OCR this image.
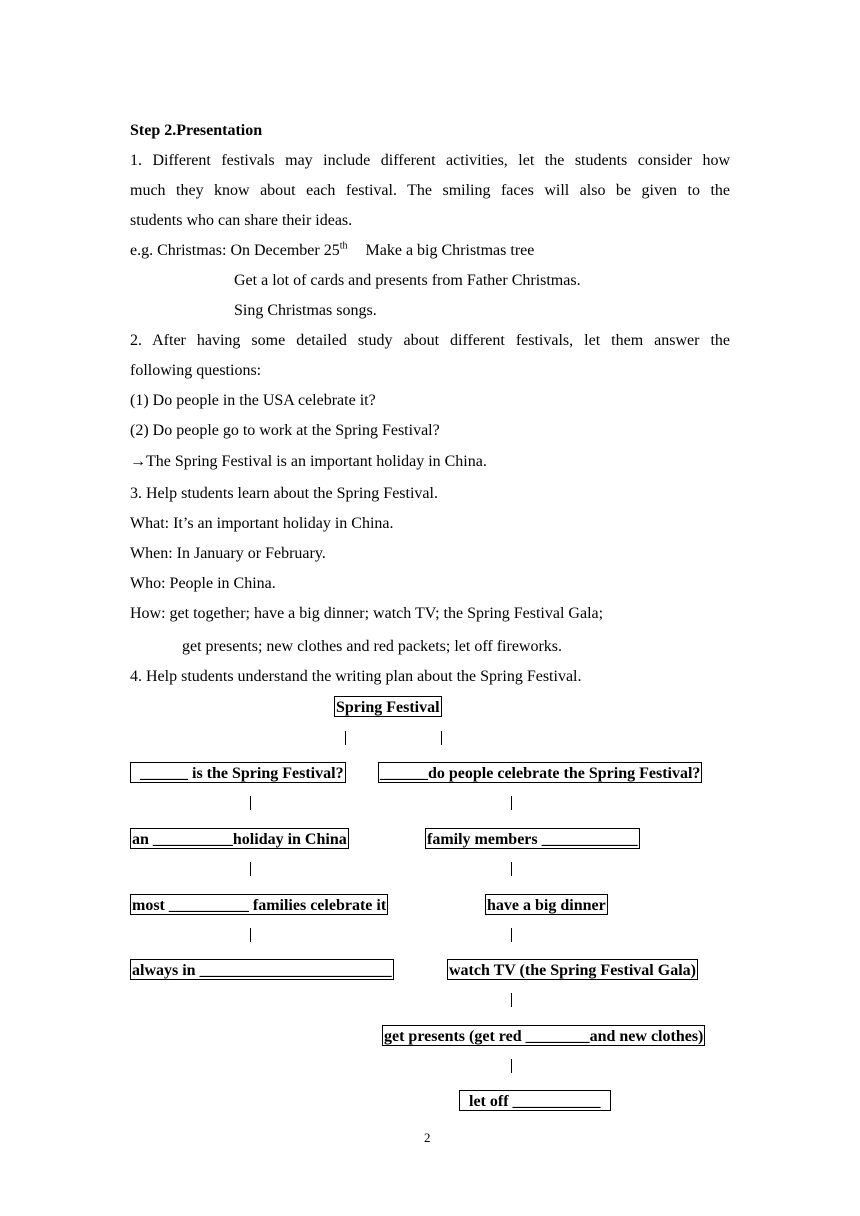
Step 2.Presentation
1. Different festivals may include different activities, let the students consider how
much they know about each festival. The smiling faces will also be given to the
students who can share their ideas.
e.g. Christmas: On December 25th Make a big Christmas tree
Get a lot of cards and presents from Father Christmas.
Sing Christmas songs.
2. After having some detailed study about different festivals, let them answer the
following questions:
(1) Do people in the USA celebrate it?
(2) Do people go to work at the Spring Festival?
→The Spring Festival is an important holiday in China.
3. Help students learn about the Spring Festival.
What: It’s an important holiday in China.
When: In January or February.
Who: People in China.
How: get together; have a big dinner; watch TV; the Spring Festival Gala;
get presents; new clothes and red packets; let off fireworks.
4. Help students understand the writing plan about the Spring Festival.
Spring Festival
______ is the Spring Festival? ______do people celebrate the Spring Festival?
an __________holiday in China	family members ____________
most __________ families celebrate it	have a big dinner
always in ________________________	watch TV (the Spring Festival Gala)
get presents (get red ________and new clothes)
let off ___________
2
